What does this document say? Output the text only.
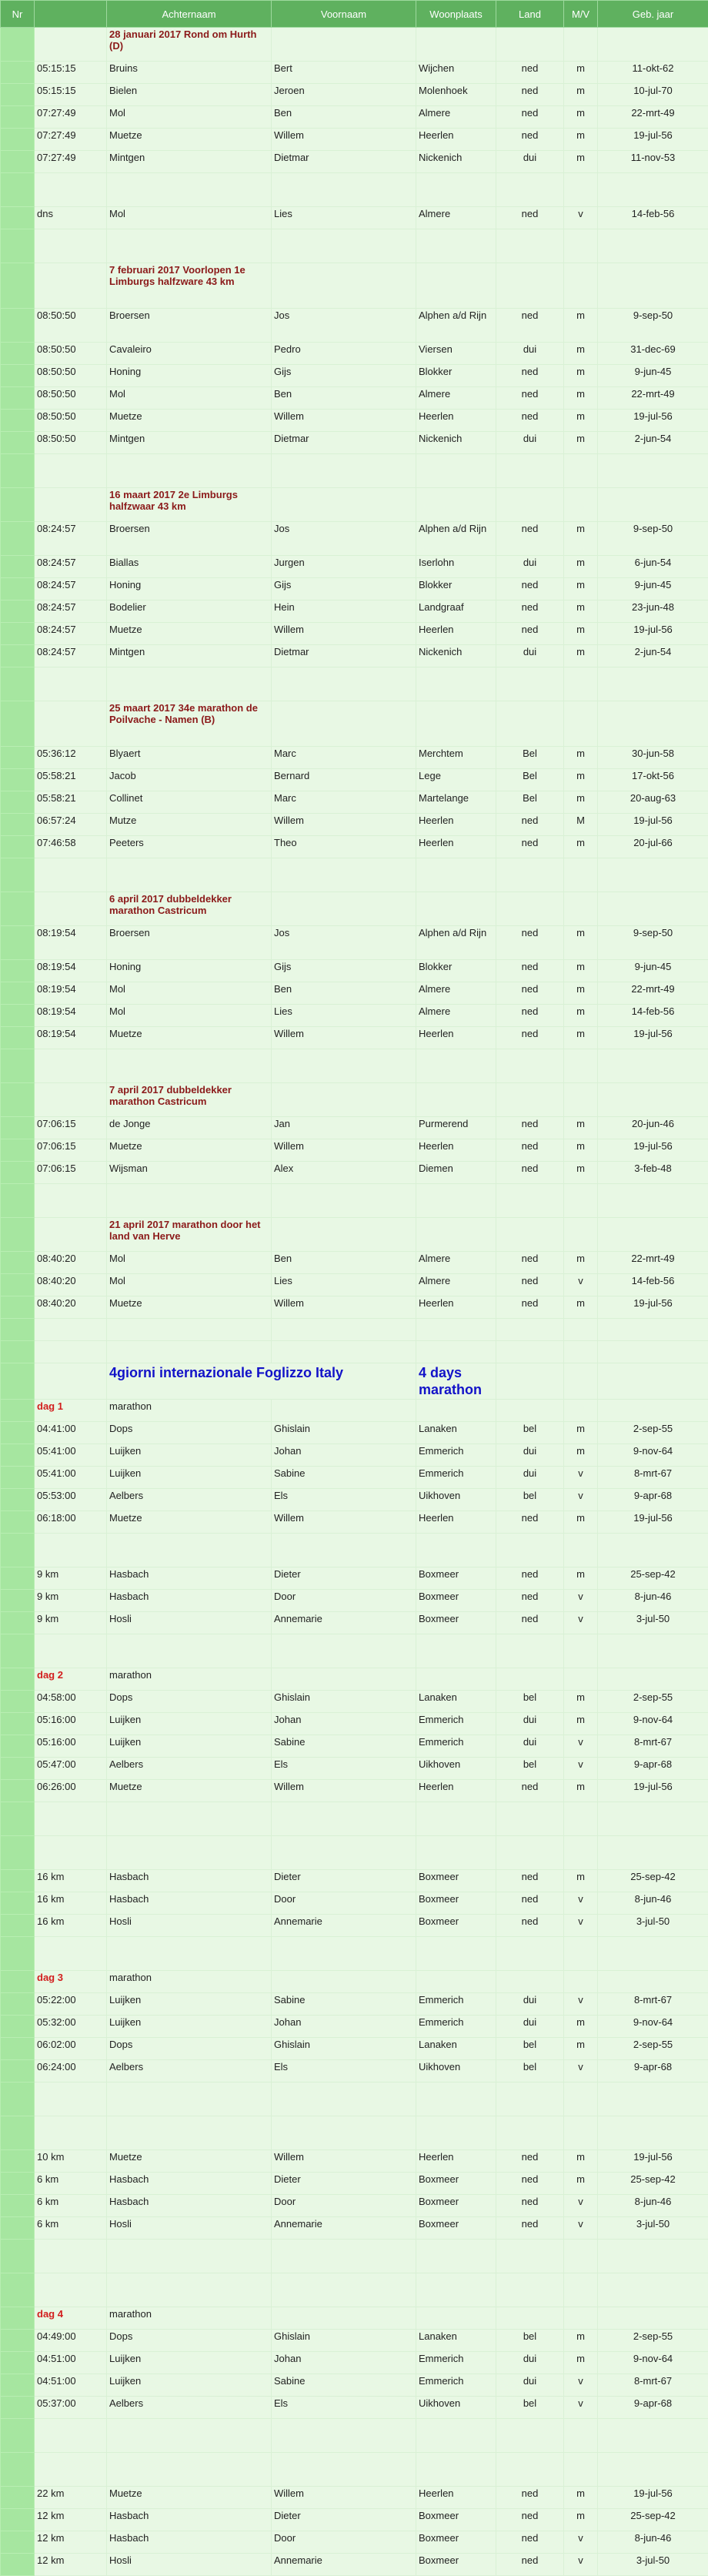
Nr		Achternaam	Voornaam	Woonplaats	Land	M/V	Geb. jaar
		28 januari 2017 Rond om Hurth (D)					
	05:15:15	Bruins	Bert	Wijchen	ned	m	11-okt-62
	05:15:15	Bielen	Jeroen	Molenhoek	ned	m	10-jul-70
	07:27:49	Mol	Ben	Almere	ned	m	22-mrt-49
	07:27:49	Muetze	Willem	Heerlen	ned	m	19-jul-56
	07:27:49	Mintgen	Dietmar	Nickenich	dui	m	11-nov-53

	dns	Mol	Lies	Almere	ned	v	14-feb-56

		7 februari 2017 Voorlopen 1e Limburgs halfzware 43 km					
	08:50:50	Broersen	Jos	Alphen a/d Rijn	ned	m	9-sep-50
	08:50:50	Cavaleiro	Pedro	Viersen	dui	m	31-dec-69
	08:50:50	Honing	Gijs	Blokker	ned	m	9-jun-45
	08:50:50	Mol	Ben	Almere	ned	m	22-mrt-49
	08:50:50	Muetze	Willem	Heerlen	ned	m	19-jul-56
	08:50:50	Mintgen	Dietmar	Nickenich	dui	m	2-jun-54

		16 maart 2017 2e Limburgs halfzwaar 43 km					
	08:24:57	Broersen	Jos	Alphen a/d Rijn	ned	m	9-sep-50
	08:24:57	Biallas	Jurgen	Iserlohn	dui	m	6-jun-54
	08:24:57	Honing	Gijs	Blokker	ned	m	9-jun-45
	08:24:57	Bodelier	Hein	Landgraaf	ned	m	23-jun-48
	08:24:57	Muetze	Willem	Heerlen	ned	m	19-jul-56
	08:24:57	Mintgen	Dietmar	Nickenich	dui	m	2-jun-54

		25 maart 2017 34e marathon de Poilvache - Namen (B)					
	05:36:12	Blyaert	Marc	Merchtem	Bel	m	30-jun-58
	05:58:21	Jacob	Bernard	Lege	Bel	m	17-okt-56
	05:58:21	Collinet	Marc	Martelange	Bel	m	20-aug-63
	06:57:24	Mutze	Willem	Heerlen	ned	M	19-jul-56
	07:46:58	Peeters	Theo	Heerlen	ned	m	20-jul-66

		6 april 2017 dubbeldekker marathon Castricum					
	08:19:54	Broersen	Jos	Alphen a/d Rijn	ned	m	9-sep-50
	08:19:54	Honing	Gijs	Blokker	ned	m	9-jun-45
	08:19:54	Mol	Ben	Almere	ned	m	22-mrt-49
	08:19:54	Mol	Lies	Almere	ned	m	14-feb-56
	08:19:54	Muetze	Willem	Heerlen	ned	m	19-jul-56

		7 april 2017 dubbeldekker marathon Castricum					
	07:06:15	de Jonge	Jan	Purmerend	ned	m	20-jun-46
	07:06:15	Muetze	Willem	Heerlen	ned	m	19-jul-56
	07:06:15	Wijsman	Alex	Diemen	ned	m	3-feb-48

		21 april 2017 marathon door het land van Herve					
	08:40:20	Mol	Ben	Almere	ned	m	22-mrt-49
	08:40:20	Mol	Lies	Almere	ned	v	14-feb-56
	08:40:20	Muetze	Willem	Heerlen	ned	m	19-jul-56

		4giorni internazionale Foglizzo Italy		4 days marathon			
	dag 1	marathon					
	04:41:00	Dops	Ghislain	Lanaken	bel	m	2-sep-55
	05:41:00	Luijken	Johan	Emmerich	dui	m	9-nov-64
	05:41:00	Luijken	Sabine	Emmerich	dui	v	8-mrt-67
	05:53:00	Aelbers	Els	Uikhoven	bel	v	9-apr-68
	06:18:00	Muetze	Willem	Heerlen	ned	m	19-jul-56

	9 km	Hasbach	Dieter	Boxmeer	ned	m	25-sep-42
	9 km	Hasbach	Door	Boxmeer	ned	v	8-jun-46
	9 km	Hosli	Annemarie	Boxmeer	ned	v	3-jul-50

	dag 2	marathon					
	04:58:00	Dops	Ghislain	Lanaken	bel	m	2-sep-55
	05:16:00	Luijken	Johan	Emmerich	dui	m	9-nov-64
	05:16:00	Luijken	Sabine	Emmerich	dui	v	8-mrt-67
	05:47:00	Aelbers	Els	Uikhoven	bel	v	9-apr-68
	06:26:00	Muetze	Willem	Heerlen	ned	m	19-jul-56

	16 km	Hasbach	Dieter	Boxmeer	ned	m	25-sep-42
	16 km	Hasbach	Door	Boxmeer	ned	v	8-jun-46
	16 km	Hosli	Annemarie	Boxmeer	ned	v	3-jul-50

	dag 3	marathon					
	05:22:00	Luijken	Sabine	Emmerich	dui	v	8-mrt-67
	05:32:00	Luijken	Johan	Emmerich	dui	m	9-nov-64
	06:02:00	Dops	Ghislain	Lanaken	bel	m	2-sep-55
	06:24:00	Aelbers	Els	Uikhoven	bel	v	9-apr-68

	10 km	Muetze	Willem	Heerlen	ned	m	19-jul-56
	6 km	Hasbach	Dieter	Boxmeer	ned	m	25-sep-42
	6 km	Hasbach	Door	Boxmeer	ned	v	8-jun-46
	6 km	Hosli	Annemarie	Boxmeer	ned	v	3-jul-50

	dag 4	marathon					
	04:49:00	Dops	Ghislain	Lanaken	bel	m	2-sep-55
	04:51:00	Luijken	Johan	Emmerich	dui	m	9-nov-64
	04:51:00	Luijken	Sabine	Emmerich	dui	v	8-mrt-67
	05:37:00	Aelbers	Els	Uikhoven	bel	v	9-apr-68

	22 km	Muetze	Willem	Heerlen	ned	m	19-jul-56
	12 km	Hasbach	Dieter	Boxmeer	ned	m	25-sep-42
	12 km	Hasbach	Door	Boxmeer	ned	v	8-jun-46
	12 km	Hosli	Annemarie	Boxmeer	ned	v	3-jul-50
